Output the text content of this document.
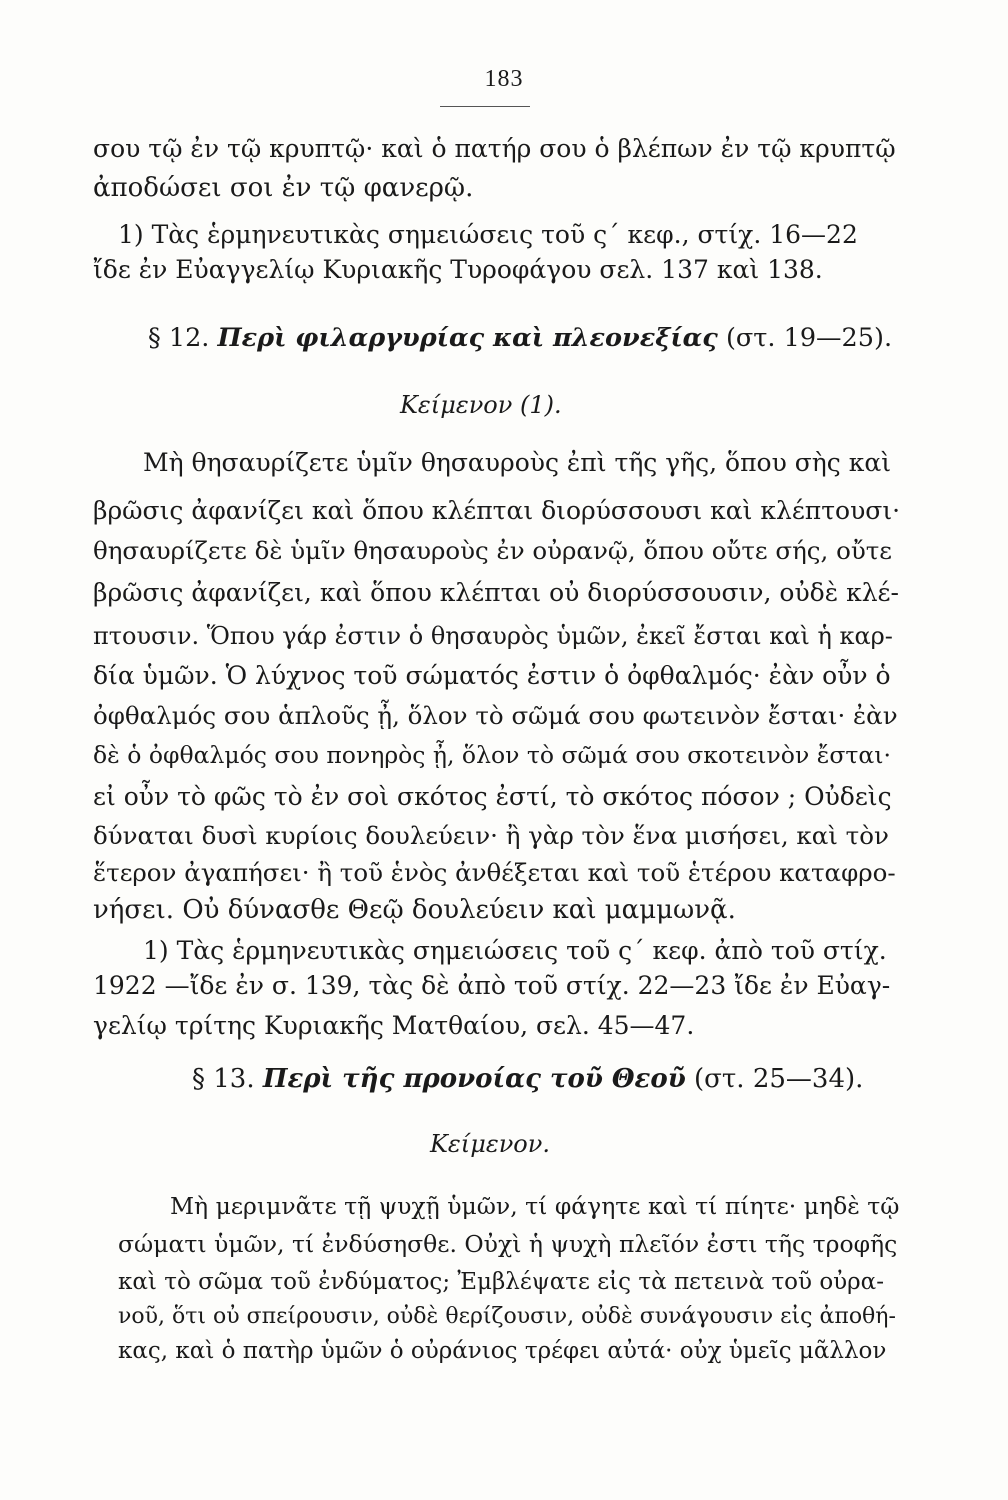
183
σου τῷ ἐν τῷ κρυπτῷ· καὶ ὁ πατήρ σου ὁ βλέπων ἐν τῷ κρυπτῷ
ἀποδώσει σοι ἐν τῷ φανερῷ.
1) Τὰς ἑρμηνευτικὰς σημειώσεις τοῦ ς΄ κεφ., στίχ. 16—22
ἴδε ἐν Εὐαγγελίῳ Κυριακῆς Τυροφάγου σελ. 137 καὶ 138.
§ 12. Περὶ φιλαργυρίας καὶ πλεονεξίας (στ. 19—25).
Κείμενον (1).
Μὴ θησαυρίζετε ὑμῖν θησαυροὺς ἐπὶ τῆς γῆς, ὅπου σὴς καὶ
βρῶσις ἀφανίζει καὶ ὅπου κλέπται διορύσσουσι καὶ κλέπτουσι·
θησαυρίζετε δὲ ὑμῖν θησαυροὺς ἐν οὐρανῷ, ὅπου οὔτε σής, οὔτε
βρῶσις ἀφανίζει, καὶ ὅπου κλέπται οὐ διορύσσουσιν, οὐδὲ κλέ-
πτουσιν. Ὅπου γάρ ἐστιν ὁ θησαυρὸς ὑμῶν, ἐκεῖ ἔσται καὶ ἡ καρ-
δία ὑμῶν. Ὁ λύχνος τοῦ σώματός ἐστιν ὁ ὀφθαλμός· ἐὰν οὖν ὁ
ὀφθαλμός σου ἁπλοῦς ᾖ, ὅλον τὸ σῶμά σου φωτεινὸν ἔσται· ἐὰν
δὲ ὁ ὀφθαλμός σου πονηρὸς ᾖ, ὅλον τὸ σῶμά σου σκοτεινὸν ἔσται·
εἰ οὖν τὸ φῶς τὸ ἐν σοὶ σκότος ἐστί, τὸ σκότος πόσον ; Οὐδεὶς
δύναται δυσὶ κυρίοις δουλεύειν· ἢ γὰρ τὸν ἕνα μισήσει, καὶ τὸν
ἕτερον ἀγαπήσει· ἢ τοῦ ἑνὸς ἀνθέξεται καὶ τοῦ ἑτέρου καταφρο-
νήσει. Οὐ δύνασθε Θεῷ δουλεύειν καὶ μαμμωνᾷ.
1) Τὰς ἑρμηνευτικὰς σημειώσεις τοῦ ς΄ κεφ. ἀπὸ τοῦ στίχ.
1922 —ἴδε ἐν σ. 139, τὰς δὲ ἀπὸ τοῦ στίχ. 22—23 ἴδε ἐν Εὐαγ-
γελίῳ τρίτης Κυριακῆς Ματθαίου, σελ. 45—47.
§ 13. Περὶ τῆς προνοίας τοῦ Θεοῦ (στ. 25—34).
Κείμενον.
Μὴ μεριμνᾶτε τῇ ψυχῇ ὑμῶν, τί φάγητε καὶ τί πίητε· μηδὲ τῷ
σώματι ὑμῶν, τί ἐνδύσησθε. Οὐχὶ ἡ ψυχὴ πλεῖόν ἐστι τῆς τροφῆς
καὶ τὸ σῶμα τοῦ ἐνδύματος; Ἐμβλέψατε εἰς τὰ πετεινὰ τοῦ οὐρα-
νοῦ, ὅτι οὐ σπείρουσιν, οὐδὲ θερίζουσιν, οὐδὲ συνάγουσιν εἰς ἀποθή-
κας, καὶ ὁ πατὴρ ὑμῶν ὁ οὐράνιος τρέφει αὐτά· οὐχ ὑμεῖς μᾶλλον
